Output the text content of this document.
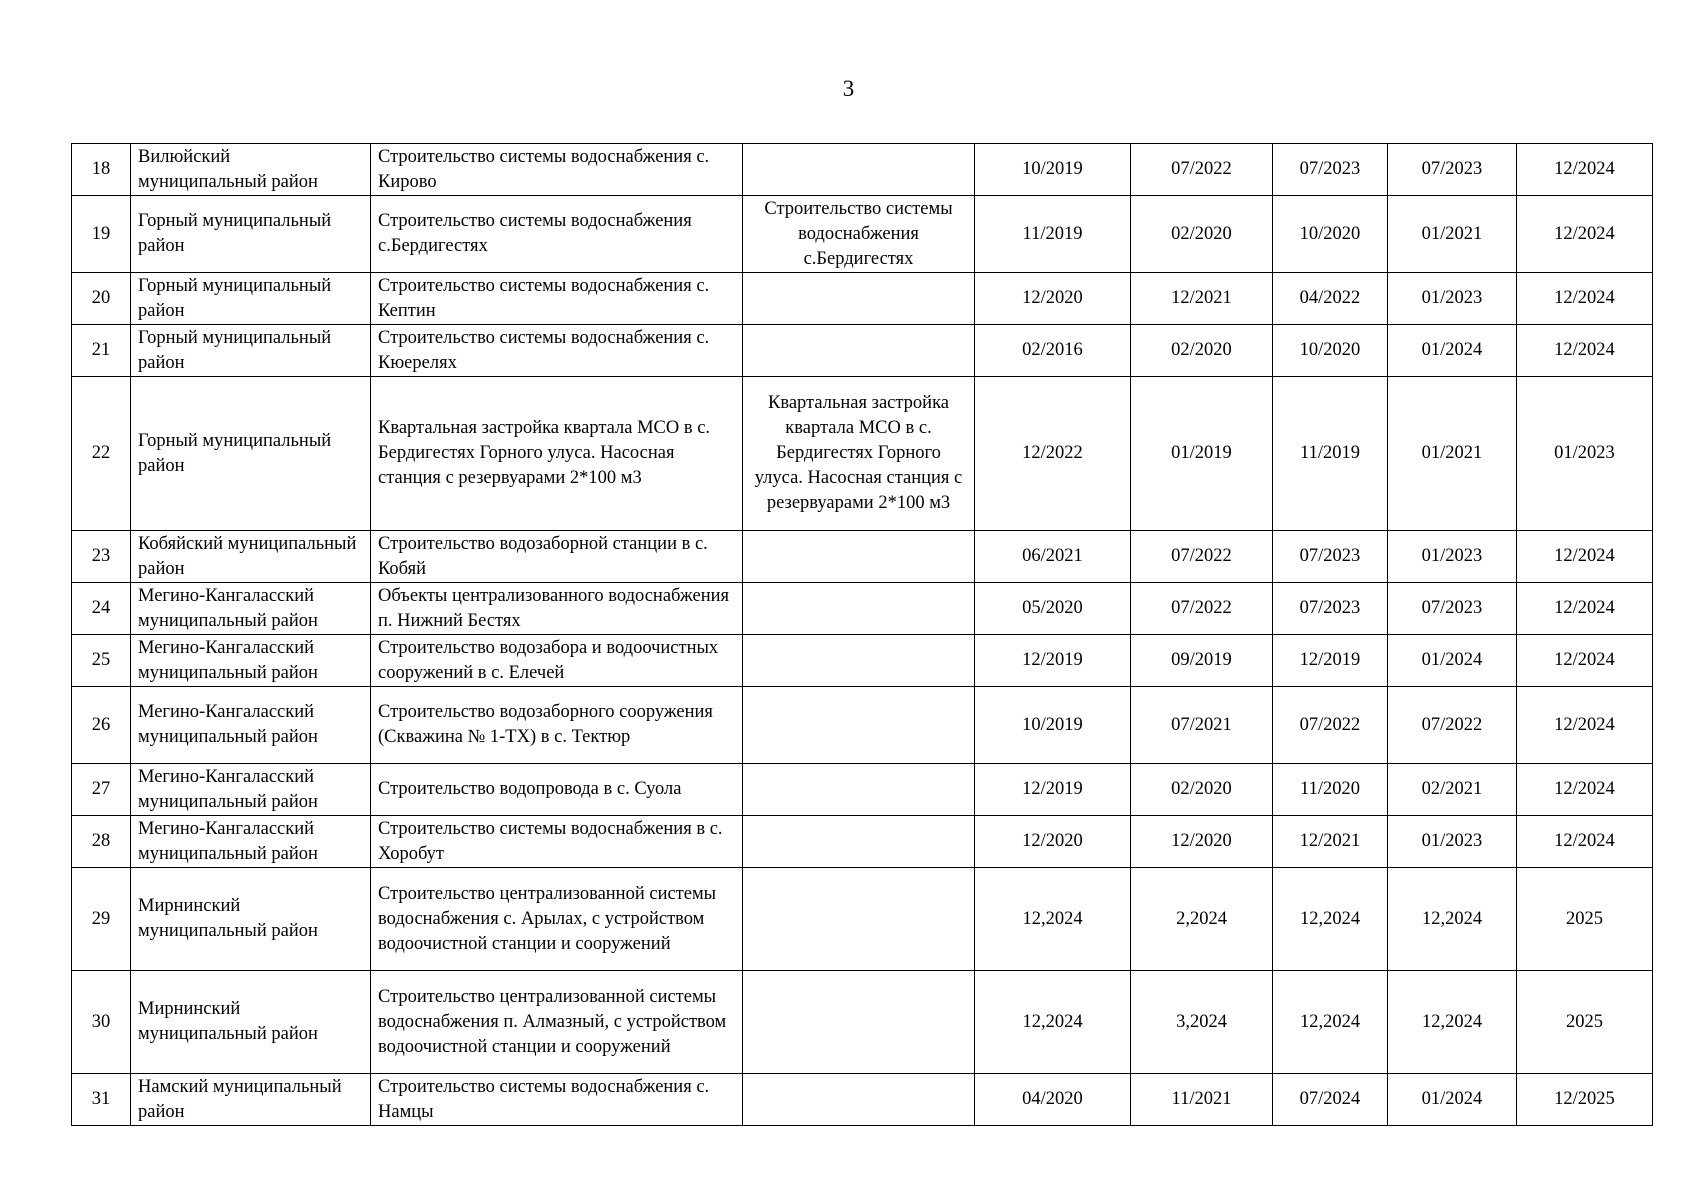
3
18	Вилюйский муниципальный район	Строительство системы водоснабжения с. Кирово		10/2019	07/2022	07/2023	07/2023	12/2024
19	Горный муниципальный район	Строительство системы водоснабжения с.Бердигестях	Строительство системы водоснабжения с.Бердигестях	11/2019	02/2020	10/2020	01/2021	12/2024
20	Горный муниципальный район	Строительство системы водоснабжения с. Кептин		12/2020	12/2021	04/2022	01/2023	12/2024
21	Горный муниципальный район	Строительство системы водоснабжения с. Кюерелях		02/2016	02/2020	10/2020	01/2024	12/2024
22	Горный муниципальный район	Квартальная застройка квартала МСО в с. Бердигестях Горного улуса. Насосная станция с резервуарами 2*100 м3	Квартальная застройка квартала МСО в с. Бердигестях Горного улуса. Насосная станция с резервуарами 2*100 м3	12/2022	01/2019	11/2019	01/2021	01/2023
23	Кобяйский муниципальный район	Строительство водозаборной станции в с. Кобяй		06/2021	07/2022	07/2023	01/2023	12/2024
24	Мегино-Кангаласский муниципальный район	Объекты централизованного водоснабжения п. Нижний Бестях		05/2020	07/2022	07/2023	07/2023	12/2024
25	Мегино-Кангаласский муниципальный район	Строительство водозабора и водоочистных сооружений в с. Елечей		12/2019	09/2019	12/2019	01/2024	12/2024
26	Мегино-Кангаласский муниципальный район	Строительство водозаборного сооружения (Скважина № 1-ТХ) в с. Тектюр		10/2019	07/2021	07/2022	07/2022	12/2024
27	Мегино-Кангаласский муниципальный район	Строительство водопровода в с. Суола		12/2019	02/2020	11/2020	02/2021	12/2024
28	Мегино-Кангаласский муниципальный район	Строительство системы водоснабжения в с. Хоробут		12/2020	12/2020	12/2021	01/2023	12/2024
29	Мирнинский муниципальный район	Строительство централизованной системы водоснабжения с. Арылах, с устройством водоочистной станции и сооружений		12,2024	2,2024	12,2024	12,2024	2025
30	Мирнинский муниципальный район	Строительство централизованной системы водоснабжения п. Алмазный, с устройством водоочистной станции и сооружений		12,2024	3,2024	12,2024	12,2024	2025
31	Намский муниципальный район	Строительство системы водоснабжения с. Намцы		04/2020	11/2021	07/2024	01/2024	12/2025
